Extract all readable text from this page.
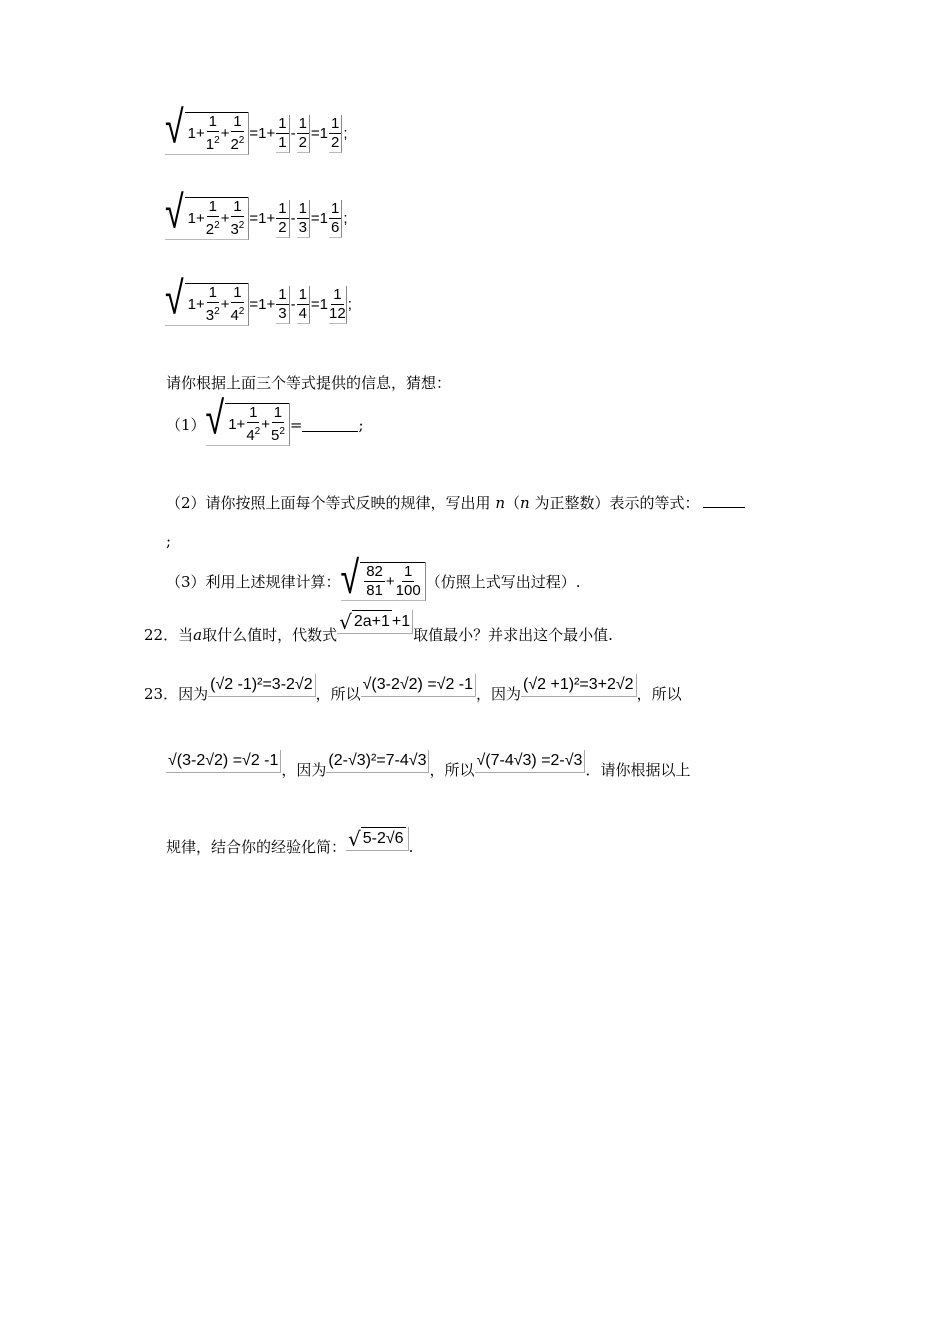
√ $1+ \frac{1}{1^2} + \frac{1}{2^2} =1+ \frac{1}{1} - \frac{1}{2} =1 \frac{1}{2}$ ;
√ $1+ \frac{1}{2^2} + \frac{1}{3^2} =1+ \frac{1}{2} - \frac{1}{3} =1 \frac{1}{6}$ ;
√ $1+ \frac{1}{3^2} + \frac{1}{4^2} =1+ \frac{1}{3} - \frac{1}{4} =1 \frac{1}{12}$ ;
请你根据上面三个等式提供的信息，猜想：
（1） √ $1+ \frac{1}{4^2} + \frac{1}{5^2}$ =	;
（2）请你按照上面每个等式反映的规律，写出用 n（n 为正整数）表示的等式：
;
（3）利用上述规律计算： √ $\frac{82}{81} + \frac{1}{100}$ （仿照上式写出过程）.
22． 当 a 取什么值时，代数式
√ 2a+1 +1
取值最小？并求出这个最小值.
23． 因为 (√2 -1)²=3-2√2 ， 所以 √(3-2√2) =√2 -1 ， 因为 (√2 +1)²=3+2√2 ， 所以
√(3-2√2) =√2 -1 ， 因为 (2-√3)²=7-4√3 ， 所以 √(7-4√3) =2-√3 ．请你根据以上
规律，结合你的经验化简： √ 5-2√6 .
